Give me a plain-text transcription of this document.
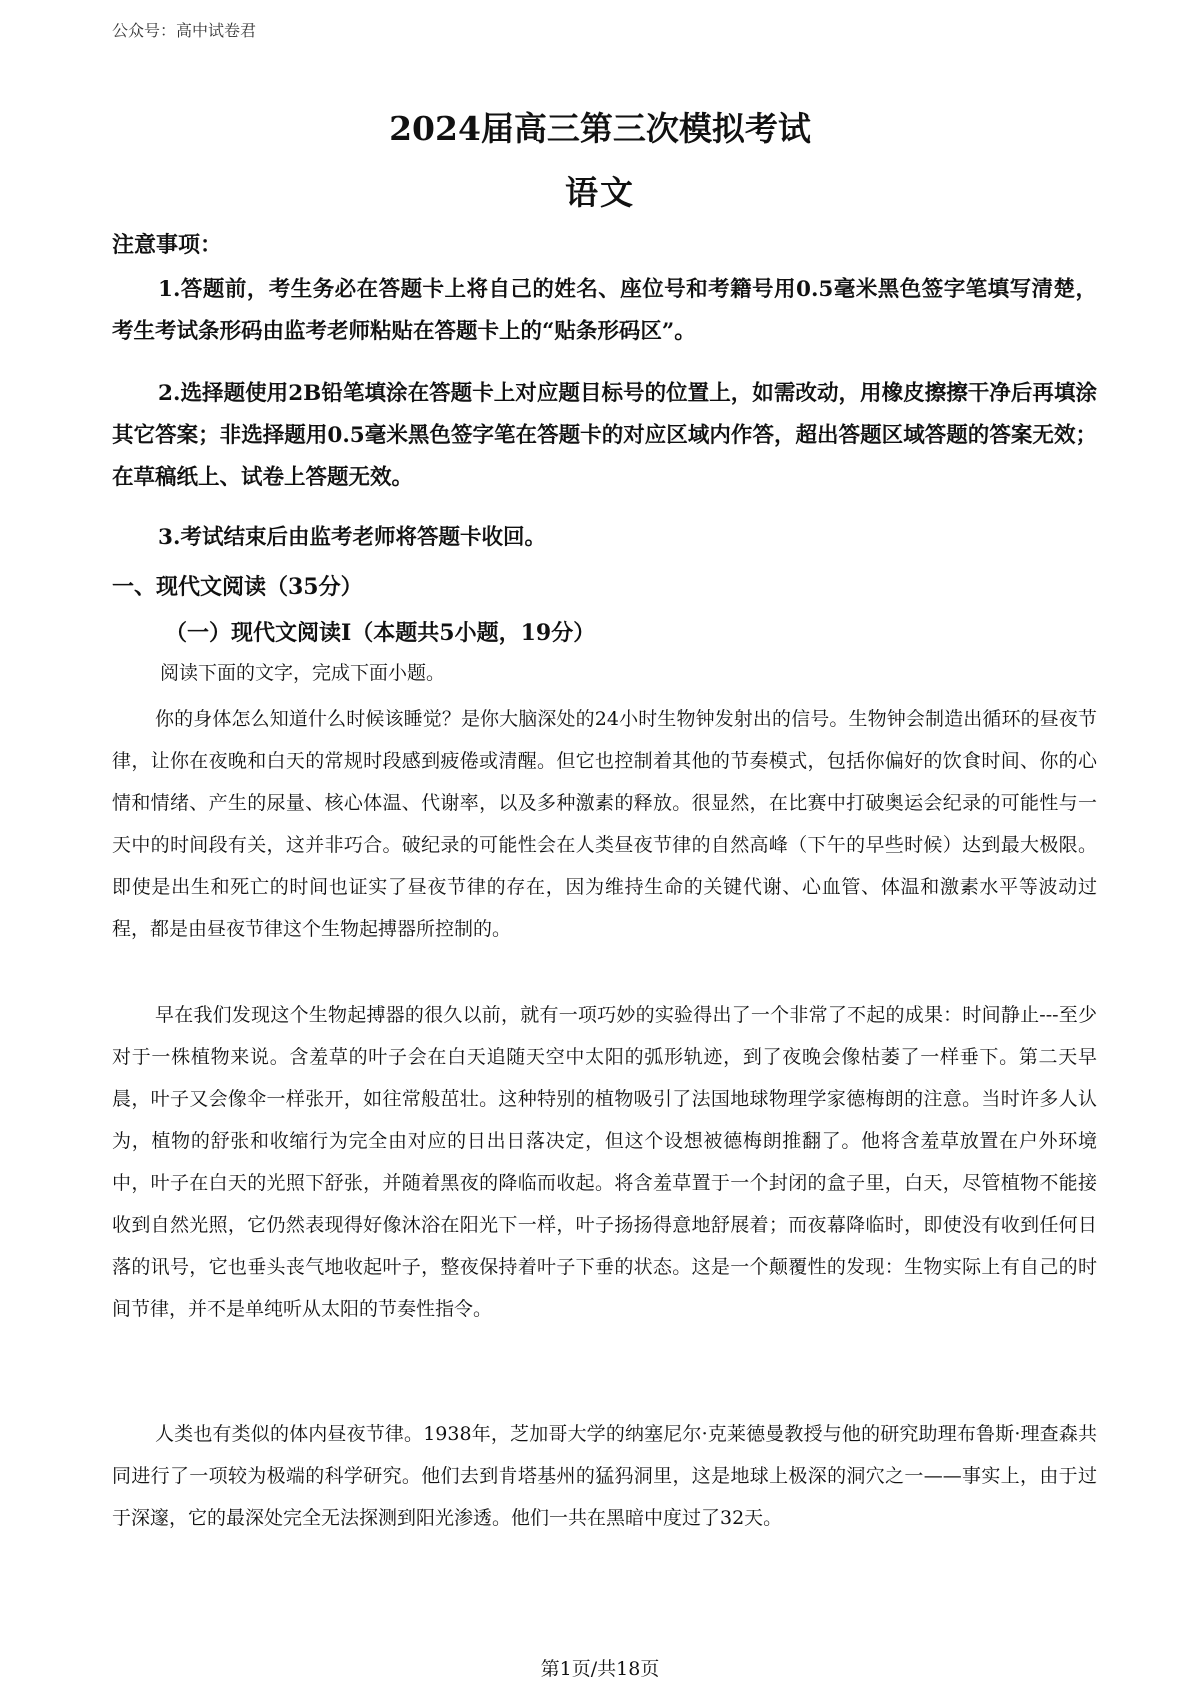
公众号：高中试卷君
2024届高三第三次模拟考试
语文
注意事项：
1.答题前，考生务必在答题卡上将自己的姓名、座位号和考籍号用0.5毫米黑色签字笔填写清楚，考生考试条形码由监考老师粘贴在答题卡上的“贴条形码区”。
2.选择题使用2B铅笔填涂在答题卡上对应题目标号的位置上，如需改动，用橡皮擦擦干净后再填涂其它答案；非选择题用0.5毫米黑色签字笔在答题卡的对应区域内作答，超出答题区域答题的答案无效；在草稿纸上、试卷上答题无效。
3.考试结束后由监考老师将答题卡收回。
一、现代文阅读（35分）
（一）现代文阅读Ⅰ（本题共5小题，19分）
阅读下面的文字，完成下面小题。
你的身体怎么知道什么时候该睡觉？是你大脑深处的24小时生物钟发射出的信号。生物钟会制造出循环的昼夜节律，让你在夜晚和白天的常规时段感到疲倦或清醒。但它也控制着其他的节奏模式，包括你偏好的饮食时间、你的心情和情绪、产生的尿量、核心体温、代谢率，以及多种激素的释放。很显然，在比赛中打破奥运会纪录的可能性与一天中的时间段有关，这并非巧合。破纪录的可能性会在人类昼夜节律的自然高峰（下午的早些时候）达到最大极限。即使是出生和死亡的时间也证实了昼夜节律的存在，因为维持生命的关键代谢、心血管、体温和激素水平等波动过程，都是由昼夜节律这个生物起搏器所控制的。
早在我们发现这个生物起搏器的很久以前，就有一项巧妙的实验得出了一个非常了不起的成果：时间静止---至少对于一株植物来说。含羞草的叶子会在白天追随天空中太阳的弧形轨迹，到了夜晚会像枯萎了一样垂下。第二天早晨，叶子又会像伞一样张开，如往常般茁壮。这种特别的植物吸引了法国地球物理学家德梅朗的注意。当时许多人认为，植物的舒张和收缩行为完全由对应的日出日落决定，但这个设想被德梅朗推翻了。他将含羞草放置在户外环境中，叶子在白天的光照下舒张，并随着黑夜的降临而收起。将含羞草置于一个封闭的盒子里，白天，尽管植物不能接收到自然光照，它仍然表现得好像沐浴在阳光下一样，叶子扬扬得意地舒展着；而夜幕降临时，即使没有收到任何日落的讯号，它也垂头丧气地收起叶子，整夜保持着叶子下垂的状态。这是一个颠覆性的发现：生物实际上有自己的时间节律，并不是单纯听从太阳的节奏性指令。
人类也有类似的体内昼夜节律。1938年，芝加哥大学的纳塞尼尔·克莱德曼教授与他的研究助理布鲁斯·理查森共同进行了一项较为极端的科学研究。他们去到肯塔基州的猛犸洞里，这是地球上极深的洞穴之一——事实上，由于过于深邃，它的最深处完全无法探测到阳光渗透。他们一共在黑暗中度过了32天。
第1页/共18页
